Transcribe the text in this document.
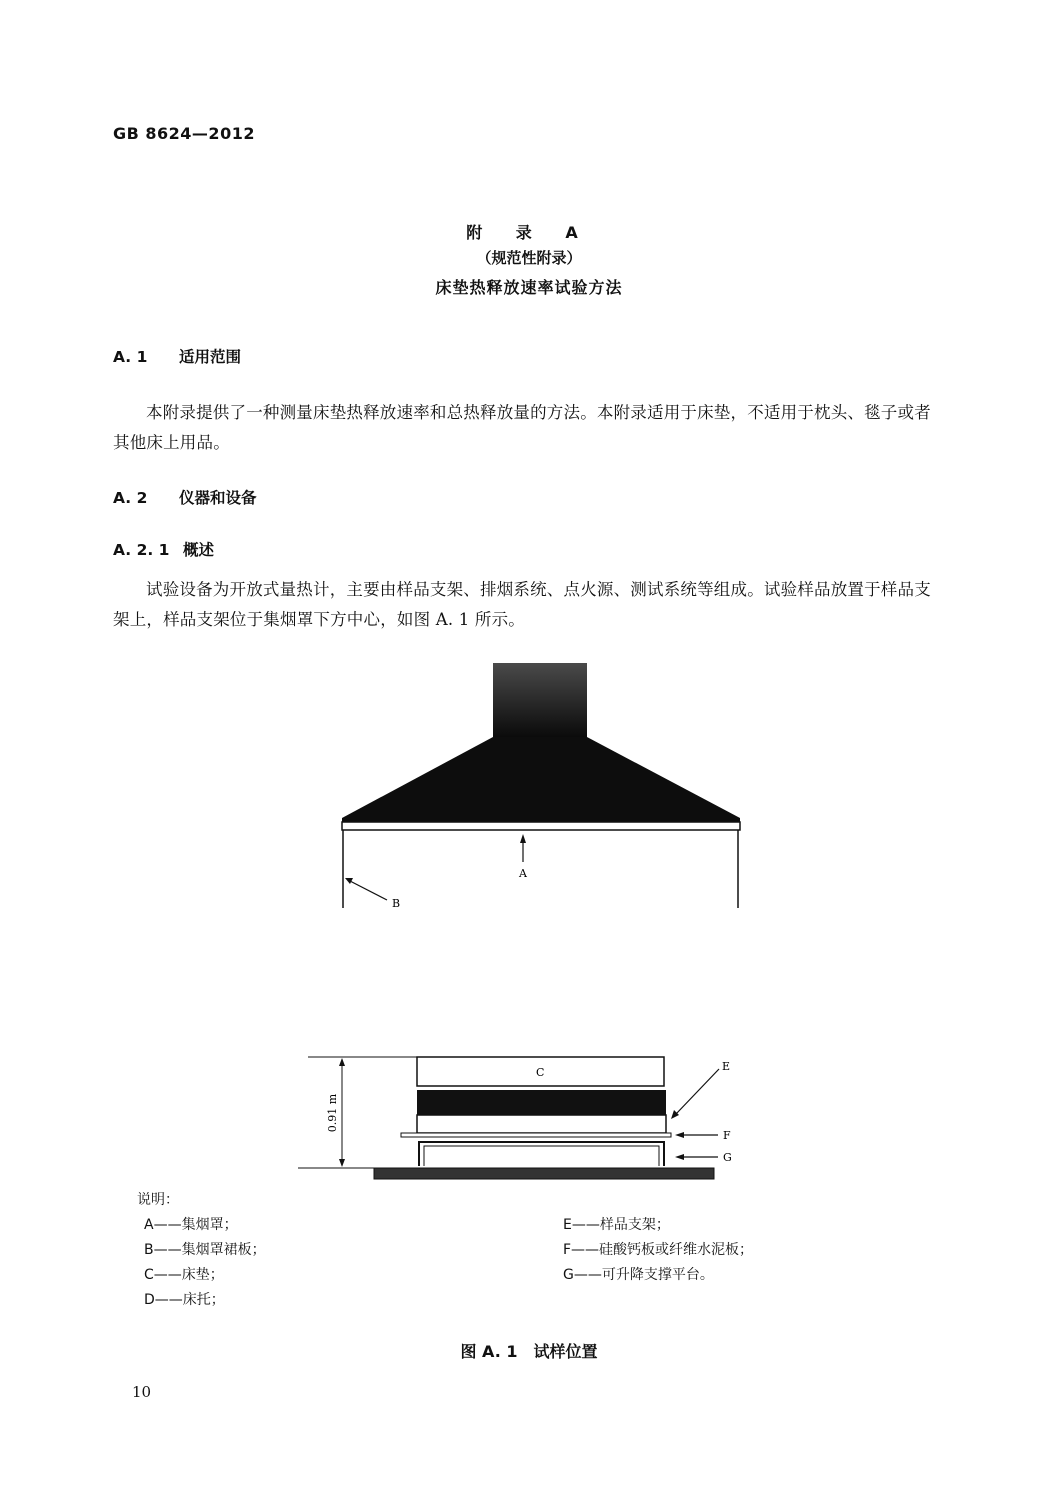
GB 8624—2012
附 录 A
（规范性附录）
床垫热释放速率试验方法
A. 1 适用范围
本附录提供了一种测量床垫热释放速率和总热释放量的方法。本附录适用于床垫，不适用于枕头、毯子或者其他床上用品。
A. 2 仪器和设备
A. 2. 1 概述
试验设备为开放式量热计，主要由样品支架、排烟系统、点火源、测试系统等组成。试验样品放置于样品支架上，样品支架位于集烟罩下方中心，如图 A. 1 所示。
A
B
0.91 m
C	E
F
G
说明：
A——集烟罩；
B——集烟罩裙板；
C——床垫；
D——床托；
E——样品支架；
F——硅酸钙板或纤维水泥板；
G——可升降支撑平台。
图 A. 1　试样位置
10
